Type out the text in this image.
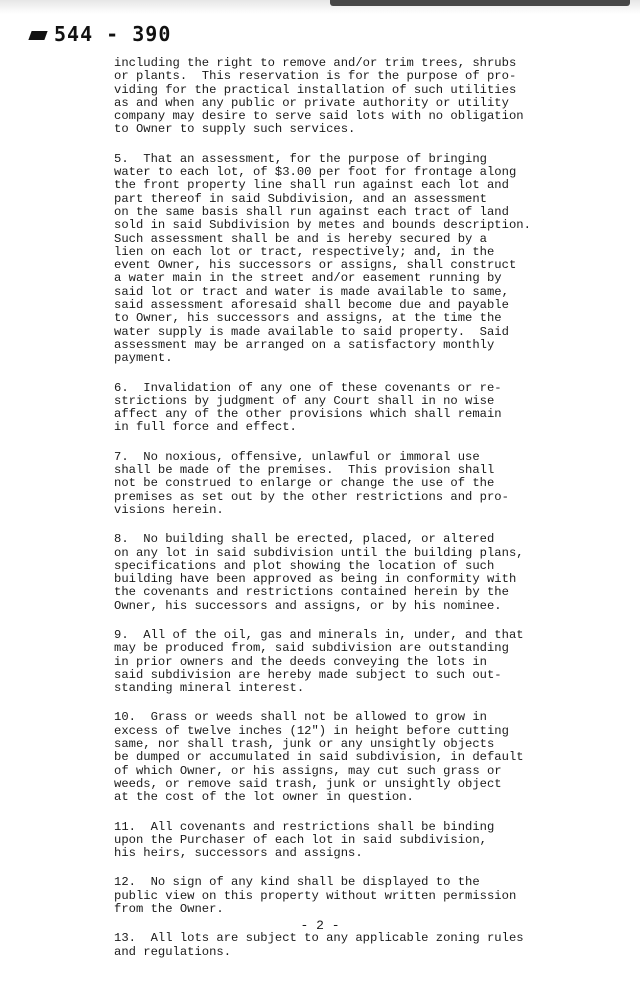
544 - 390

including the right to remove and/or trim trees, shrubs
or plants.  This reservation is for the purpose of pro-
viding for the practical installation of such utilities
as and when any public or private authority or utility
company may desire to serve said lots with no obligation
to Owner to supply such services.

5.  That an assessment, for the purpose of bringing
water to each lot, of $3.00 per foot for frontage along
the front property line shall run against each lot and
part thereof in said Subdivision, and an assessment
on the same basis shall run against each tract of land
sold in said Subdivision by metes and bounds description.
Such assessment shall be and is hereby secured by a
lien on each lot or tract, respectively; and, in the
event Owner, his successors or assigns, shall construct
a water main in the street and/or easement running by
said lot or tract and water is made available to same,
said assessment aforesaid shall become due and payable
to Owner, his successors and assigns, at the time the
water supply is made available to said property.  Said
assessment may be arranged on a satisfactory monthly
payment.

6.  Invalidation of any one of these covenants or re-
strictions by judgment of any Court shall in no wise
affect any of the other provisions which shall remain
in full force and effect.

7.  No noxious, offensive, unlawful or immoral use
shall be made of the premises.  This provision shall
not be construed to enlarge or change the use of the
premises as set out by the other restrictions and pro-
visions herein.

8.  No building shall be erected, placed, or altered
on any lot in said subdivision until the building plans,
specifications and plot showing the location of such
building have been approved as being in conformity with
the covenants and restrictions contained herein by the
Owner, his successors and assigns, or by his nominee.

9.  All of the oil, gas and minerals in, under, and that
may be produced from, said subdivision are outstanding
in prior owners and the deeds conveying the lots in
said subdivision are hereby made subject to such out-
standing mineral interest.

10.  Grass or weeds shall not be allowed to grow in
excess of twelve inches (12") in height before cutting
same, nor shall trash, junk or any unsightly objects
be dumped or accumulated in said subdivision, in default
of which Owner, or his assigns, may cut such grass or
weeds, or remove said trash, junk or unsightly object
at the cost of the lot owner in question.

11.  All covenants and restrictions shall be binding
upon the Purchaser of each lot in said subdivision,
his heirs, successors and assigns.

12.  No sign of any kind shall be displayed to the
public view on this property without written permission
from the Owner.

13.  All lots are subject to any applicable zoning rules
and regulations.

- 2 -
